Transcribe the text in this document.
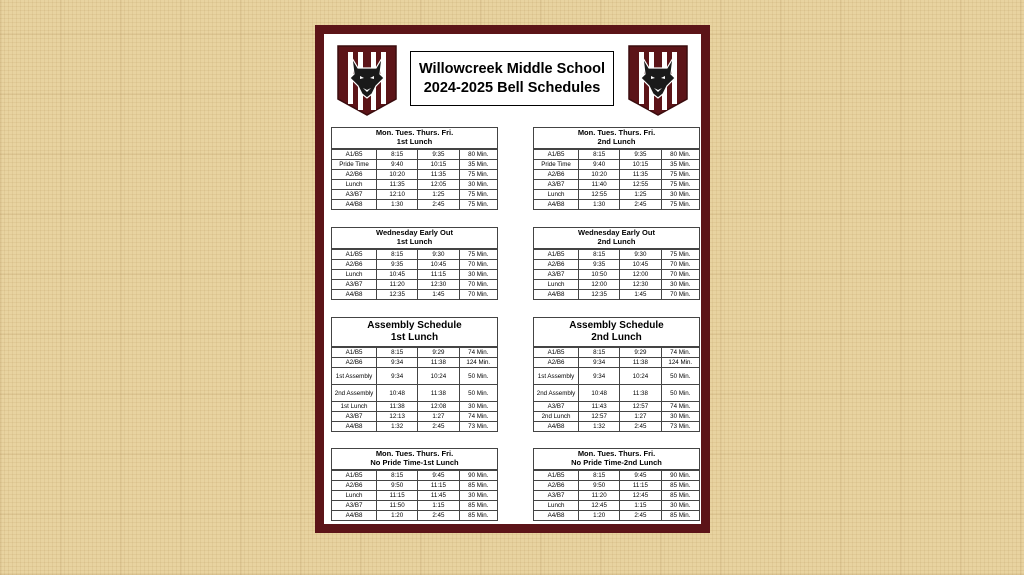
Willowcreek Middle School
2024-2025 Bell Schedules
Mon. Tues. Thurs. Fri.
1st Lunch
A1/B5	8:15	9:35	80 Min.
Pride Time	9:40	10:15	35 Min.
A2/B6	10:20	11:35	75 Min.
Lunch	11:35	12:05	30 Min.
A3/B7	12:10	1:25	75 Min.
A4/B8	1:30	2:45	75 Min.
Mon. Tues. Thurs. Fri.
2nd Lunch
A1/B5	8:15	9:35	80 Min.
Pride Time	9:40	10:15	35 Min.
A2/B6	10:20	11:35	75 Min.
A3/B7	11:40	12:55	75 Min.
Lunch	12:55	1:25	30 Min.
A4/B8	1:30	2:45	75 Min.
Wednesday Early Out
1st Lunch
A1/B5	8:15	9:30	75 Min.
A2/B6	9:35	10:45	70 Min.
Lunch	10:45	11:15	30 Min.
A3/B7	11:20	12:30	70 Min.
A4/B8	12:35	1:45	70 Min.
Wednesday Early Out
2nd Lunch
A1/B5	8:15	9:30	75 Min.
A2/B6	9:35	10:45	70 Min.
A3/B7	10:50	12:00	70 Min.
Lunch	12:00	12:30	30 Min.
A4/B8	12:35	1:45	70 Min.
Assembly Schedule
1st Lunch
A1/B5	8:15	9:29	74 Min.
A2/B6	9:34	11:38	124 Min.
1st Assembly	9:34	10:24	50 Min.
2nd Assembly	10:48	11:38	50 Min.
1st Lunch	11:38	12:08	30 Min.
A3/B7	12:13	1:27	74 Min.
A4/B8	1:32	2:45	73 Min.
Assembly Schedule
2nd Lunch
A1/B5	8:15	9:29	74 Min.
A2/B6	9:34	11:38	124 Min.
1st Assembly	9:34	10:24	50 Min.
2nd Assembly	10:48	11:38	50 Min.
A3/B7	11:43	12:57	74 Min.
2nd Lunch	12:57	1:27	30 Min.
A4/B8	1:32	2:45	73 Min.
Mon. Tues. Thurs. Fri.
No Pride Time-1st Lunch
A1/B5	8:15	9:45	90 Min.
A2/B6	9:50	11:15	85 Min.
Lunch	11:15	11:45	30 Min.
A3/B7	11:50	1:15	85 Min.
A4/B8	1:20	2:45	85 Min.
Mon. Tues. Thurs. Fri.
No Pride Time-2nd Lunch
A1/B5	8:15	9:45	90 Min.
A2/B6	9:50	11:15	85 Min.
A3/B7	11:20	12:45	85 Min.
Lunch	12:45	1:15	30 Min.
A4/B8	1:20	2:45	85 Min.
